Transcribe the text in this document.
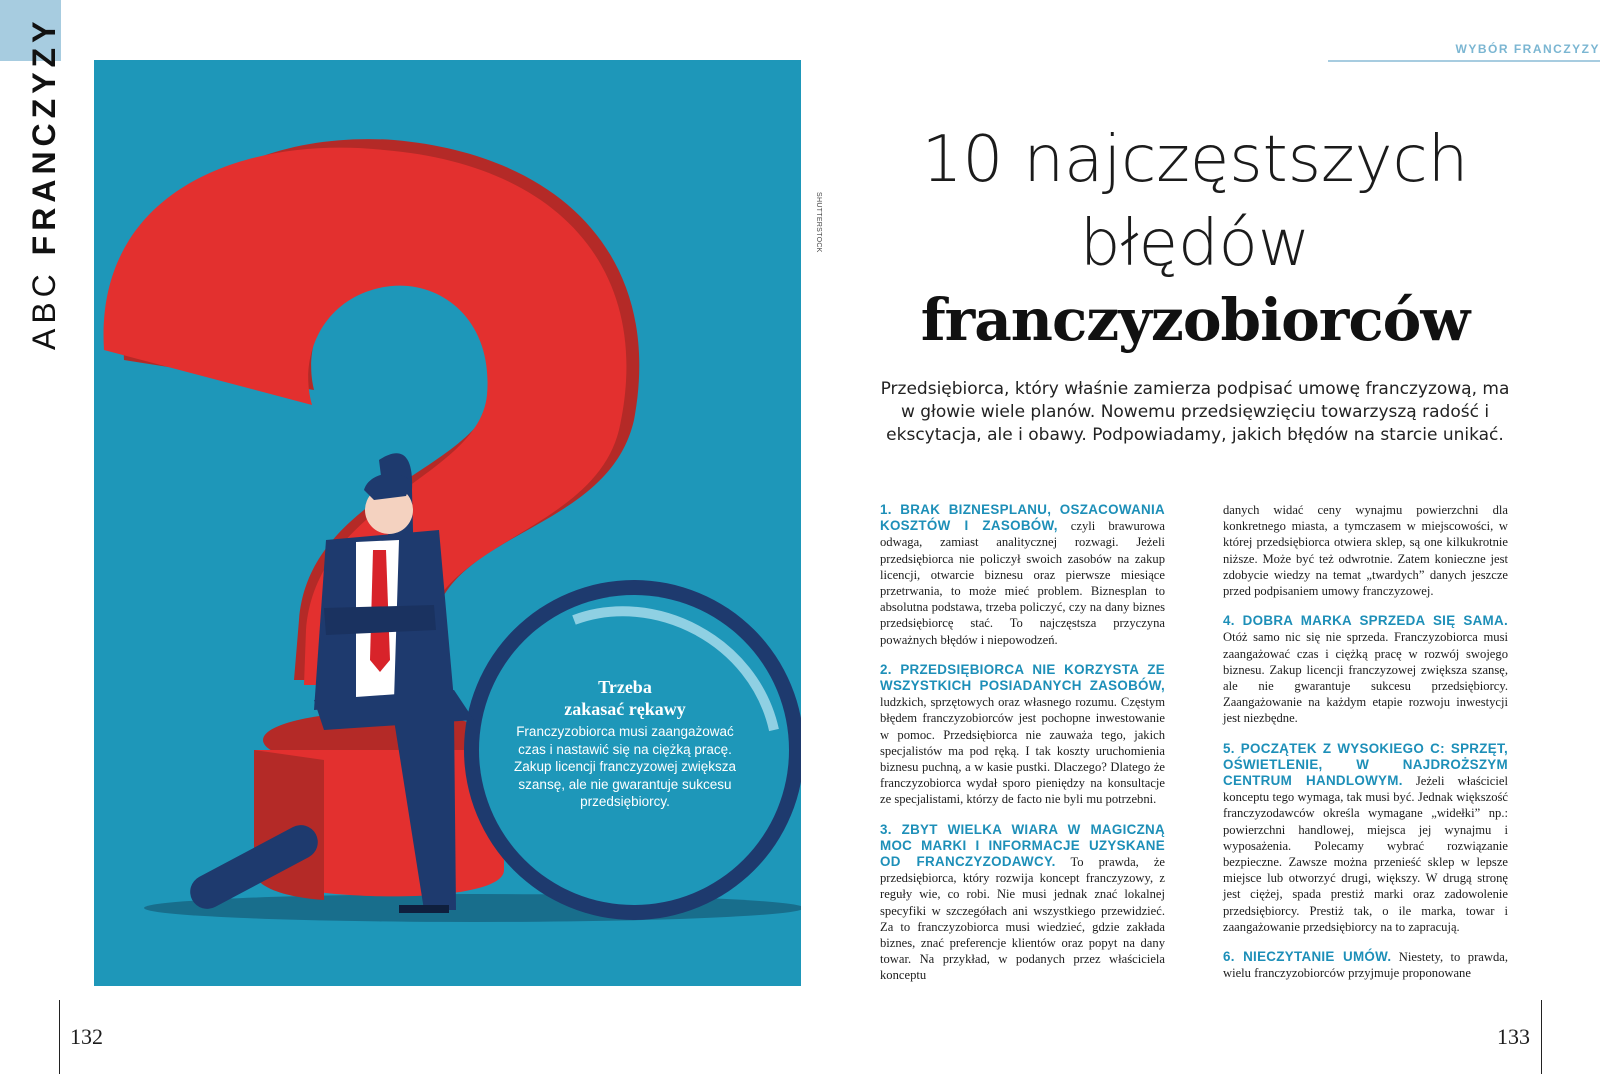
ABC FRANCZYZY
Trzeba
zakasać rękawy
Franczyzobiorca musi zaangażować czas i nastawić się na ciężką pracę. Zakup licencji franczyzowej zwiększa szansę, ale nie gwarantuje sukcesu przedsiębiorcy.
SHUTTERSTOCK
132
WYBÓR FRANCZYZY
10 najczęstszych
błędów
franczyzobiorców
Przedsiębiorca, który właśnie zamierza podpisać umowę franczyzową, ma w głowie wiele planów. Nowemu przedsięwzięciu towarzyszą radość i ekscytacja, ale i obawy. Podpowiadamy, jakich błędów na starcie unikać.

1. BRAK BIZNESPLANU, OSZACOWANIA KOSZTÓW I ZASOBÓW, czyli brawurowa odwaga, zamiast analitycznej rozwagi. Jeżeli przedsiębiorca nie policzył swoich zasobów na zakup licencji, otwarcie biznesu oraz pierwsze miesiące przetrwania, to może mieć problem. Biznesplan to absolutna podstawa, trzeba policzyć, czy na dany biznes przedsiębiorcę stać. To najczęstsza przyczyna poważnych błędów i niepowodzeń.

2. PRZEDSIĘBIORCA NIE KORZYSTA ZE WSZYSTKICH POSIADANYCH ZASOBÓW, ludzkich, sprzętowych oraz własnego rozumu. Częstym błędem franczyzobiorców jest pochopne inwestowanie w pomoc. Przedsiębiorca nie zauważa tego, jakich specjalistów ma pod ręką. I tak koszty uruchomienia biznesu puchną, a w kasie pustki. Dlaczego? Dlatego że franczyzobiorca wydał sporo pieniędzy na konsultacje ze specjalistami, którzy de facto nie byli mu potrzebni.

3. ZBYT WIELKA WIARA W MAGICZNĄ MOC MARKI I INFORMACJE UZYSKANE OD FRANCZYZODAWCY. To prawda, że przedsiębiorca, który rozwija koncept franczyzowy, z reguły wie, co robi. Nie musi jednak znać lokalnej specyfiki w szczegółach ani wszystkiego przewidzieć. Za to franczyzobiorca musi wiedzieć, gdzie zakłada biznes, znać preferencje klientów oraz popyt na dany towar. Na przykład, w podanych przez właściciela konceptu

danych widać ceny wynajmu powierzchni dla konkretnego miasta, a tymczasem w miejscowości, w której przedsiębiorca otwiera sklep, są one kilkukrotnie niższe. Może być też odwrotnie. Zatem konieczne jest zdobycie wiedzy na temat „twardych” danych jeszcze przed podpisaniem umowy franczyzowej.

4. DOBRA MARKA SPRZEDA SIĘ SAMA. Otóż samo nic się nie sprzeda. Franczyzobiorca musi zaangażować czas i ciężką pracę w rozwój swojego biznesu. Zakup licencji franczyzowej zwiększa szansę, ale nie gwarantuje sukcesu przedsiębiorcy. Zaangażowanie na każdym etapie rozwoju inwestycji jest niezbędne.

5. POCZĄTEK Z WYSOKIEGO C: SPRZĘT, OŚWIETLENIE, W NAJDROŻSZYM CENTRUM HANDLOWYM. Jeżeli właściciel konceptu tego wymaga, tak musi być. Jednak większość franczyzodawców określa wymagane „widełki” np.: powierzchni handlowej, miejsca jej wynajmu i wyposażenia. Polecamy wybrać rozwiązanie bezpieczne. Zawsze można przenieść sklep w lepsze miejsce lub otworzyć drugi, większy. W drugą stronę jest ciężej, spada prestiż marki oraz zadowolenie przedsiębiorcy. Prestiż tak, o ile marka, towar i zaangażowanie przedsiębiorcy na to zapracują.

6. NIECZYTANIE UMÓW. Niestety, to prawda, wielu franczyzobiorców przyjmuje proponowane

133
